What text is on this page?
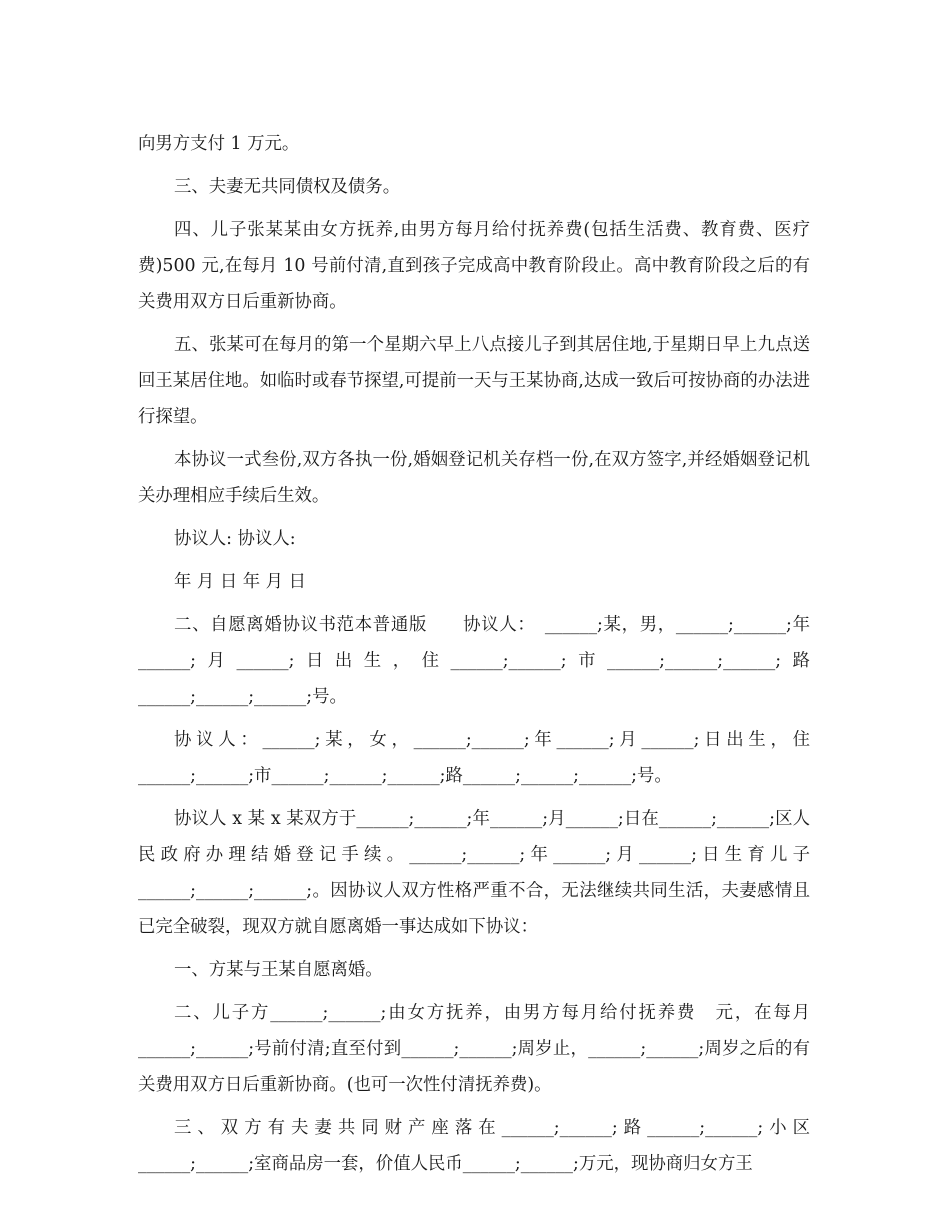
向男方支付 1 万元。

三、夫妻无共同债权及债务。

四、儿子张某某由女方抚养,由男方每月给付抚养费(包括生活费、教育费、医疗费)500 元,在每月 10 号前付清,直到孩子完成高中教育阶段止。高中教育阶段之后的有关费用双方日后重新协商。

五、张某可在每月的第一个星期六早上八点接儿子到其居住地,于星期日早上九点送回王某居住地。如临时或春节探望,可提前一天与王某协商,达成一致后可按协商的办法进行探望。

本协议一式叁份,双方各执一份,婚姻登记机关存档一份,在双方签字,并经婚姻登记机关办理相应手续后生效。

协议人: 协议人:

年 月 日 年 月 日

二、自愿离婚协议书范本普通版　　协议人：　______;某，男，______;______;年______;月______;日出生，住______;______;市______;______;______;路______;______;______;号。

协议人：______;某，女，______;______;年______;月______;日出生，住______;______;市______;______;______;路______;______;______;号。

协议人 x 某 x 某双方于______;______;年______;月______;日在______;______;区人民政府办理结婚登记手续。______;______;年______;月______;日生育儿子______;______;______;。因协议人双方性格严重不合，无法继续共同生活，夫妻感情且已完全破裂，现双方就自愿离婚一事达成如下协议：

一、方某与王某自愿离婚。

二、儿子方______;______;由女方抚养，由男方每月给付抚养费　元，在每月______;______;号前付清;直至付到______;______;周岁止，______;______;周岁之后的有关费用双方日后重新协商。(也可一次性付清抚养费)。

三、双方有夫妻共同财产座落在______;______;路______;______;小区______;______;室商品房一套，价值人民币______;______;万元，现协商归女方王
